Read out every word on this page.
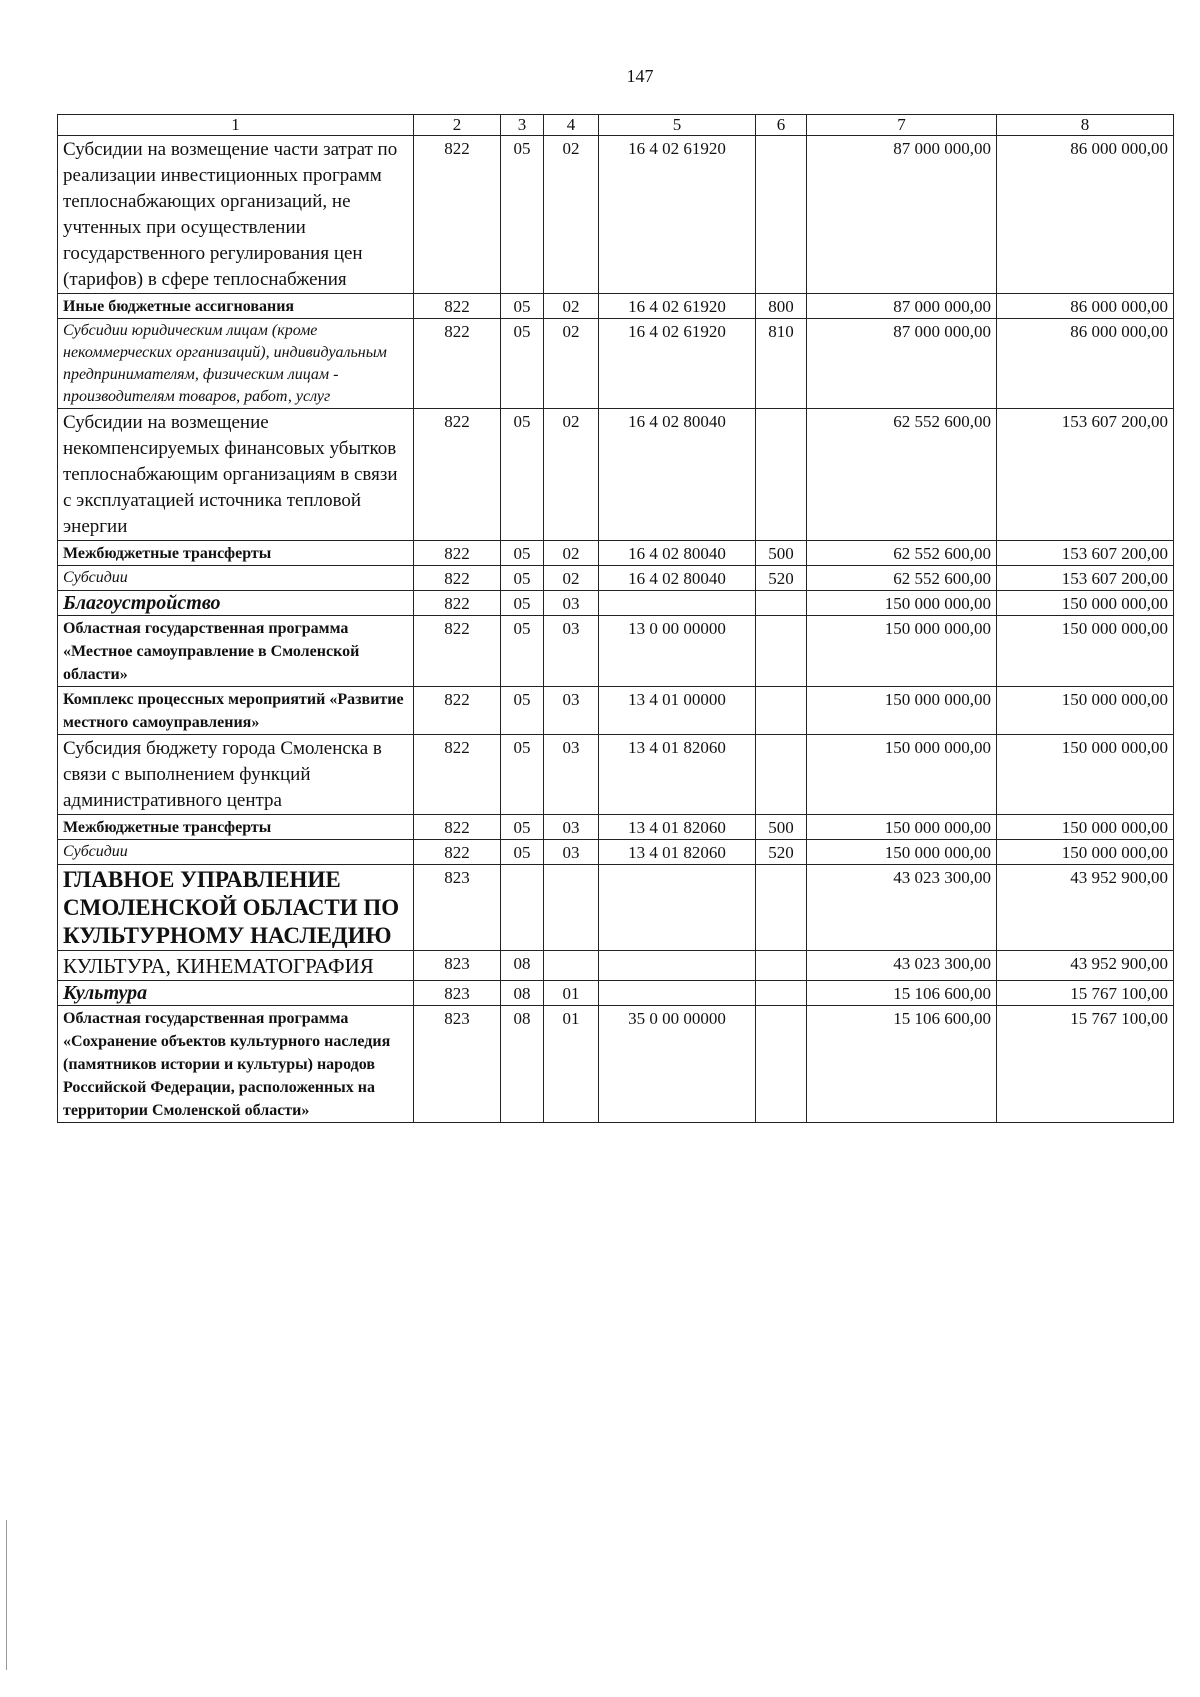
147
1	2	3	4	5	6	7	8
Субсидии на возмещение части затрат по реализации инвестиционных программ теплоснабжающих организаций, не учтенных при осуществлении государственного регулирования цен (тарифов) в сфере теплоснабжения	822	05	02	16 4 02 61920		87 000 000,00	86 000 000,00
Иные бюджетные ассигнования	822	05	02	16 4 02 61920	800	87 000 000,00	86 000 000,00
Субсидии юридическим лицам (кроме некоммерческих организаций), индивидуальным предпринимателям, физическим лицам - производителям товаров, работ, услуг	822	05	02	16 4 02 61920	810	87 000 000,00	86 000 000,00
Субсидии на возмещение некомпенсируемых финансовых убытков теплоснабжающим организациям в связи с эксплуатацией источника тепловой энергии	822	05	02	16 4 02 80040		62 552 600,00	153 607 200,00
Межбюджетные трансферты	822	05	02	16 4 02 80040	500	62 552 600,00	153 607 200,00
Субсидии	822	05	02	16 4 02 80040	520	62 552 600,00	153 607 200,00
Благоустройство	822	05	03			150 000 000,00	150 000 000,00
Областная государственная программа «Местное самоуправление в Смоленской области»	822	05	03	13 0 00 00000		150 000 000,00	150 000 000,00
Комплекс процессных мероприятий «Развитие местного самоуправления»	822	05	03	13 4 01 00000		150 000 000,00	150 000 000,00
Субсидия бюджету города Смоленска в связи с выполнением функций административного центра	822	05	03	13 4 01 82060		150 000 000,00	150 000 000,00
Межбюджетные трансферты	822	05	03	13 4 01 82060	500	150 000 000,00	150 000 000,00
Субсидии	822	05	03	13 4 01 82060	520	150 000 000,00	150 000 000,00
ГЛАВНОЕ УПРАВЛЕНИЕ СМОЛЕНСКОЙ ОБЛАСТИ ПО КУЛЬТУРНОМУ НАСЛЕДИЮ	823					43 023 300,00	43 952 900,00
КУЛЬТУРА, КИНЕМАТОГРАФИЯ	823	08				43 023 300,00	43 952 900,00
Культура	823	08	01			15 106 600,00	15 767 100,00
Областная государственная программа «Сохранение объектов культурного наследия (памятников истории и культуры) народов Российской Федерации, расположенных на территории Смоленской области»	823	08	01	35 0 00 00000		15 106 600,00	15 767 100,00
